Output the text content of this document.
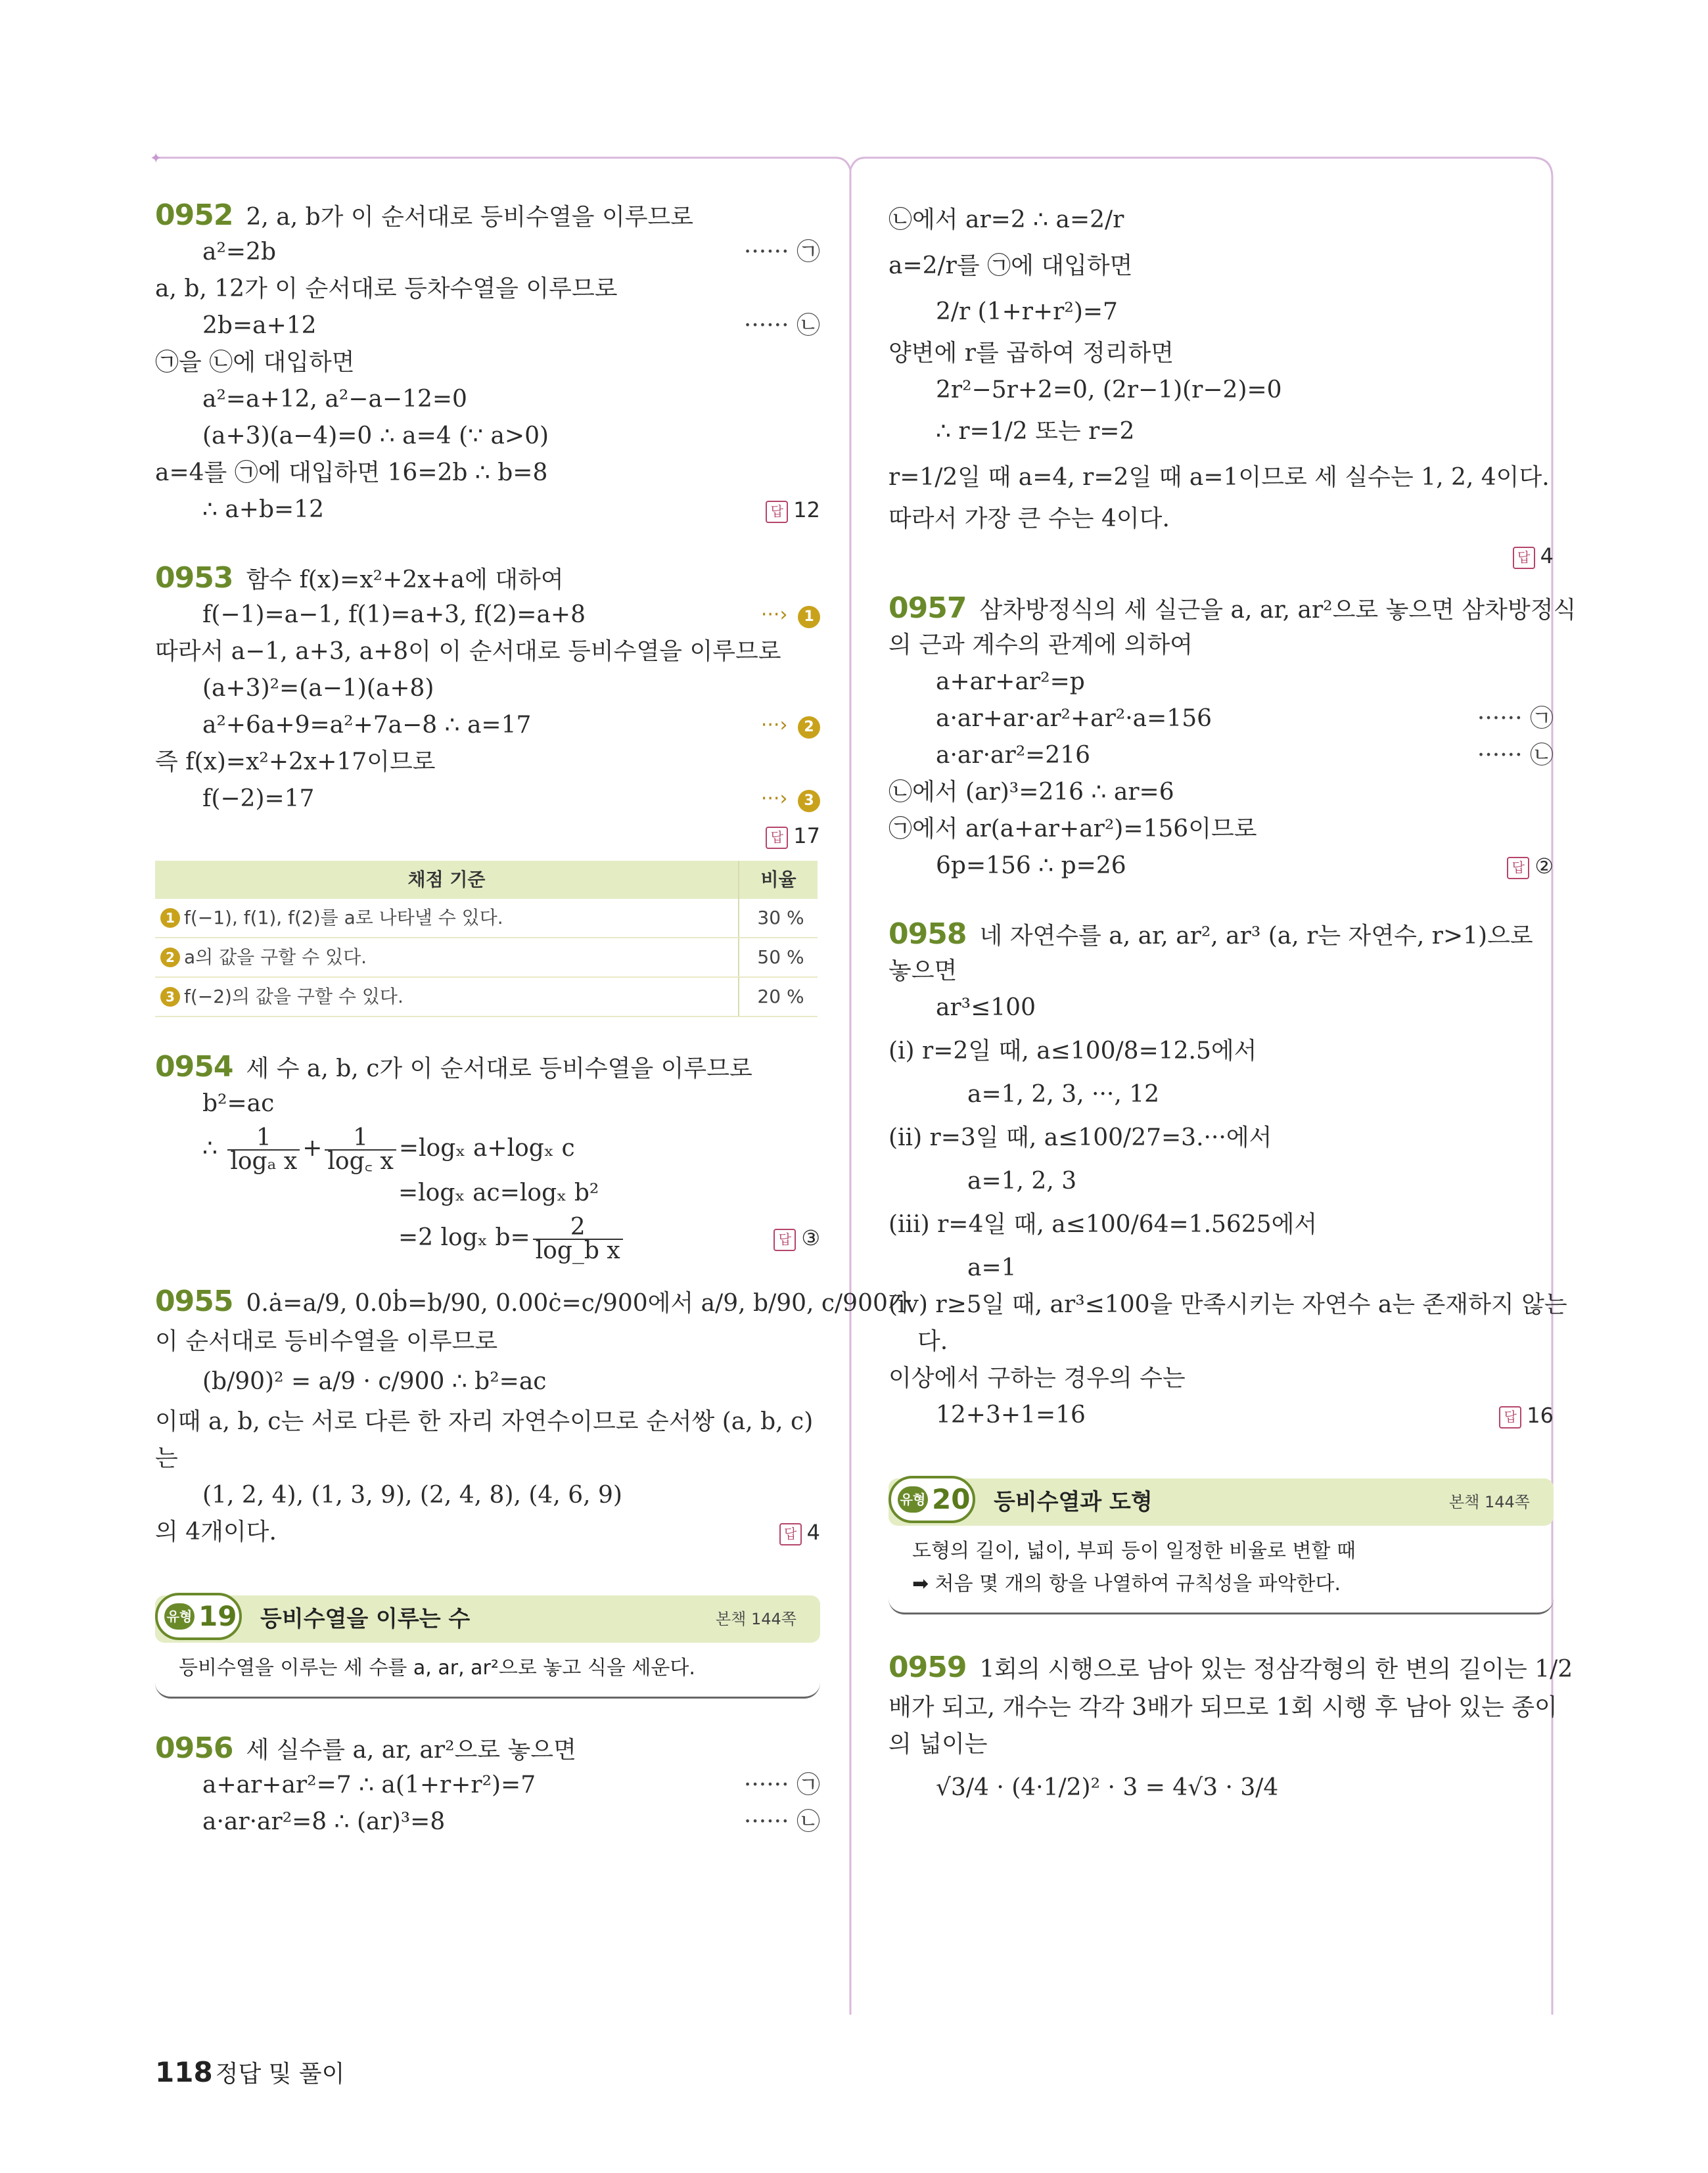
✦
0952 2, a, b가 이 순서대로 등비수열을 이루므로
a²=2b	······ ㉠
a, b, 12가 이 순서대로 등차수열을 이루므로
2b=a+12	······ ㉡
㉠을 ㉡에 대입하면
a²=a+12, a²−a−12=0
(a+3)(a−4)=0 ∴ a=4 (∵ a>0)
a=4를 ㉠에 대입하면 16=2b ∴ b=8
∴ a+b=12	답 12
0953 함수 f(x)=x²+2x+a에 대하여
f(−1)=a−1, f(1)=a+3, f(2)=a+8	···› 1
따라서 a−1, a+3, a+8이 이 순서대로 등비수열을 이루므로
(a+3)²=(a−1)(a+8)
a²+6a+9=a²+7a−8 ∴ a=17	···› 2
즉 f(x)=x²+2x+17이므로
f(−2)=17	···› 3
답 17
채점 기준	비율
1 f(−1), f(1), f(2)를 a로 나타낼 수 있다.	30 %
2 a의 값을 구할 수 있다.	50 %
3 f(−2)의 값을 구할 수 있다.	20 %
0954 세 수 a, b, c가 이 순서대로 등비수열을 이루므로
b²=ac
∴ $\frac{1}{\text{logₐ x}} + \frac{1}{\log꜀ x} =\log_x$ a+logₓ c
=logₓ ac=logₓ b²
=2 logₓ $b= \frac{2}{\text{log\_b x}}$	답 ③
0955 0.ȧ=a/9, 0.0ḃ=b/90, 0.00ċ=c/900에서 a/9, b/90, c/900가
이 순서대로 등비수열을 이루므로
(b/90)² = a/9 · c/900 ∴ b²=ac
이때 a, b, c는 서로 다른 한 자리 자연수이므로 순서쌍 (a, b, c)
는
(1, 2, 4), (1, 3, 9), (2, 4, 8), (4, 6, 9)
의 4개이다.	답 4
유형 19 등비수열을 이루는 수	본책 144쪽
등비수열을 이루는 세 수를 a, ar, ar²으로 놓고 식을 세운다.
0956 세 실수를 a, ar, ar²으로 놓으면
a+ar+ar²=7 ∴ a(1+r+r²)=7	······ ㉠
a·ar·ar²=8 ∴ (ar)³=8	······ ㉡
㉡에서 ar=2 ∴ a=2/r
a=2/r를 ㉠에 대입하면
2/r (1+r+r²)=7
양변에 r를 곱하여 정리하면
2r²−5r+2=0, (2r−1)(r−2)=0
∴ r=1/2 또는 r=2
r=1/2일 때 a=4, r=2일 때 a=1이므로 세 실수는 1, 2, 4이다.
따라서 가장 큰 수는 4이다.
답 4
0957 삼차방정식의 세 실근을 a, ar, ar²으로 놓으면 삼차방정식
의 근과 계수의 관계에 의하여
a+ar+ar²=p
a·ar+ar·ar²+ar²·a=156	······ ㉠
a·ar·ar²=216	······ ㉡
㉡에서 (ar)³=216 ∴ ar=6
㉠에서 ar(a+ar+ar²)=156이므로
6p=156 ∴ p=26	답 ②
0958 네 자연수를 a, ar, ar², ar³ (a, r는 자연수, r>1)으로
놓으면
ar³≤100
(i) r=2일 때, a≤100/8=12.5에서
a=1, 2, 3, ···, 12
(ii) r=3일 때, a≤100/27=3.···에서
a=1, 2, 3
(iii) r=4일 때, a≤100/64=1.5625에서
a=1
(iv) r≥5일 때, ar³≤100을 만족시키는 자연수 a는 존재하지 않는
다.
이상에서 구하는 경우의 수는
12+3+1=16	답 16
유형 20 등비수열과 도형	본책 144쪽
도형의 길이, 넓이, 부피 등이 일정한 비율로 변할 때
➡ 처음 몇 개의 항을 나열하여 규칙성을 파악한다.
0959 1회의 시행으로 남아 있는 정삼각형의 한 변의 길이는 1/2
배가 되고, 개수는 각각 3배가 되므로 1회 시행 후 남아 있는 종이
의 넓이는
√3/4 · (4·1/2)² · 3 = 4√3 · 3/4
118 정답 및 풀이
